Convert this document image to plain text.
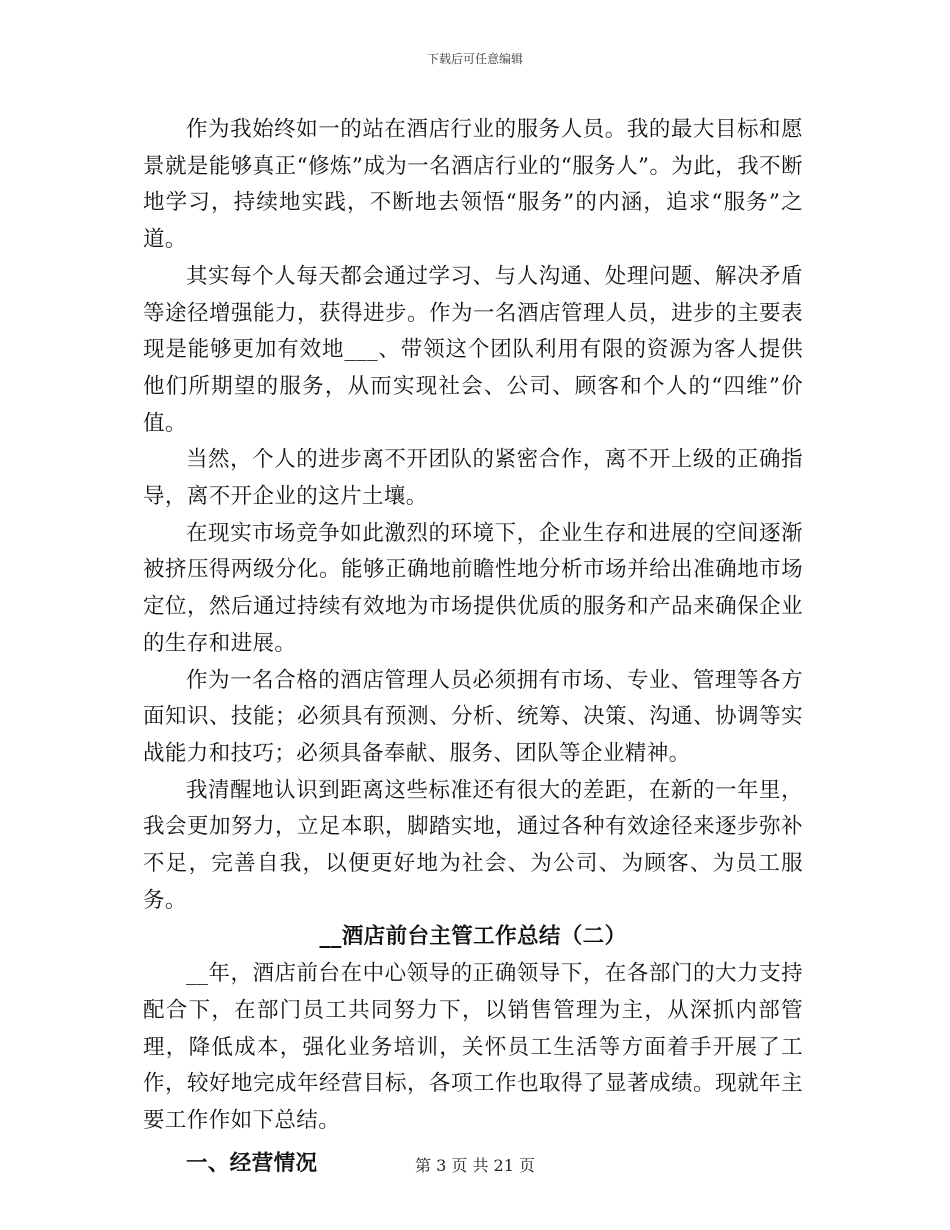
下载后可任意编辑

作为我始终如一的站在酒店行业的服务人员。我的最大目标和愿景就是能够真正“修炼”成为一名酒店行业的“服务人”。为此，我不断地学习，持续地实践，不断地去领悟“服务”的内涵，追求“服务”之道。

其实每个人每天都会通过学习、与人沟通、处理问题、解决矛盾等途径增强能力，获得进步。作为一名酒店管理人员，进步的主要表现是能够更加有效地___、带领这个团队利用有限的资源为客人提供他们所期望的服务，从而实现社会、公司、顾客和个人的“四维”价值。

当然，个人的进步离不开团队的紧密合作，离不开上级的正确指导，离不开企业的这片土壤。

在现实市场竞争如此激烈的环境下，企业生存和进展的空间逐渐被挤压得两级分化。能够正确地前瞻性地分析市场并给出准确地市场定位，然后通过持续有效地为市场提供优质的服务和产品来确保企业的生存和进展。

作为一名合格的酒店管理人员必须拥有市场、专业、管理等各方面知识、技能；必须具有预测、分析、统筹、决策、沟通、协调等实战能力和技巧；必须具备奉献、服务、团队等企业精神。

我清醒地认识到距离这些标准还有很大的差距，在新的一年里，我会更加努力，立足本职，脚踏实地，通过各种有效途径来逐步弥补不足，完善自我，以便更好地为社会、为公司、为顾客、为员工服务。

__酒店前台主管工作总结（二）

__年，酒店前台在中心领导的正确领导下，在各部门的大力支持配合下，在部门员工共同努力下，以销售管理为主，从深抓内部管理，降低成本，强化业务培训，关怀员工生活等方面着手开展了工作，较好地完成年经营目标，各项工作也取得了显著成绩。现就年主要工作作如下总结。

一、经营情况	第 3 页 共 21 页
